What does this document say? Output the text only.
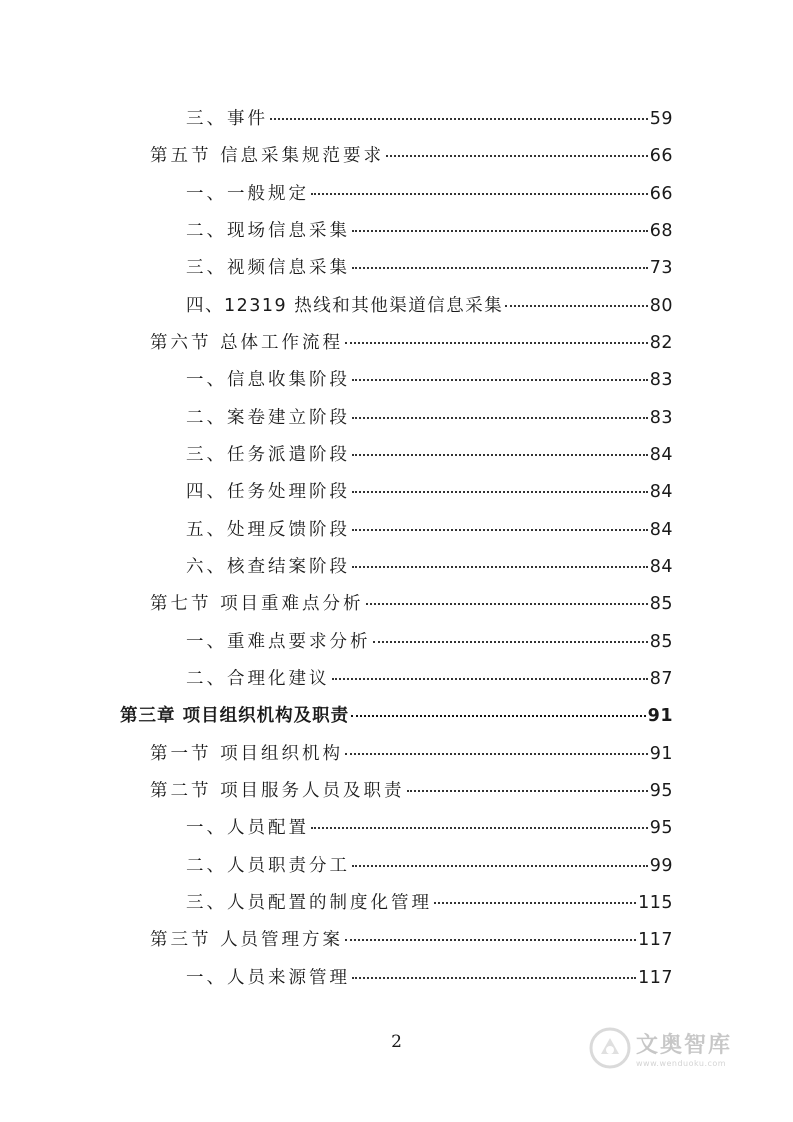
三、事件	59
第五节 信息采集规范要求	66
一、一般规定	66
二、现场信息采集	68
三、视频信息采集	73
四、12319 热线和其他渠道信息采集	80
第六节 总体工作流程	82
一、信息收集阶段	83
二、案卷建立阶段	83
三、任务派遣阶段	84
四、任务处理阶段	84
五、处理反馈阶段	84
六、核查结案阶段	84
第七节 项目重难点分析	85
一、重难点要求分析	85
二、合理化建议	87
第三章 项目组织机构及职责	91
第一节 项目组织机构	91
第二节 项目服务人员及职责	95
一、人员配置	95
二、人员职责分工	99
三、人员配置的制度化管理	115
第三节 人员管理方案	117
一、人员来源管理	117
2	文奥智库
www.wenduoku.com
